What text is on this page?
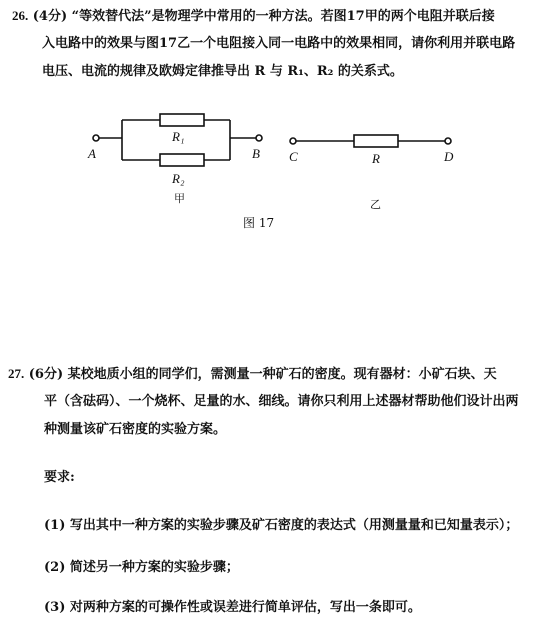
26. (4分) “等效替代法”是物理学中常用的一种方法。若图17甲的两个电阻并联后接
入电路中的效果与图17乙一个电阻接入同一电路中的效果相同，请你利用并联电路
电压、电流的规律及欧姆定律推导出 R 与 R₁、R₂ 的关系式。
A
R₁
R₂
B C	R	D
甲	乙
图 17
27. (6分) 某校地质小组的同学们，需测量一种矿石的密度。现有器材：小矿石块、天
平（含砝码）、一个烧杯、足量的水、细线。请你只利用上述器材帮助他们设计出两
种测量该矿石密度的实验方案。
要求:
(1) 写出其中一种方案的实验步骤及矿石密度的表达式（用测量量和已知量表示）；
(2) 简述另一种方案的实验步骤；
(3) 对两种方案的可操作性或误差进行简单评估，写出一条即可。
